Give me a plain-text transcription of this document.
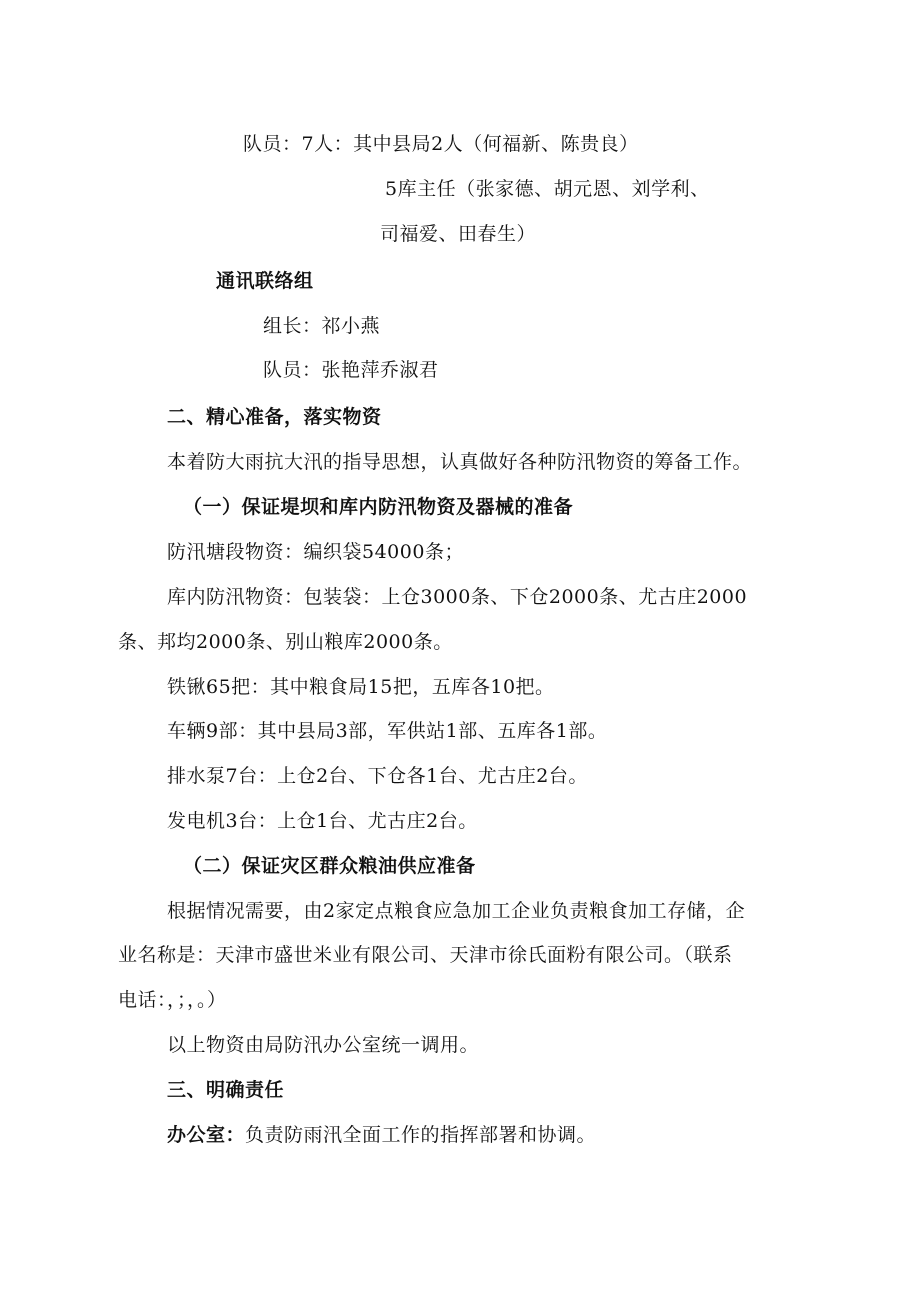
队员：7人：其中县局2人（何福新、陈贵良）
5库主任（张家德、胡元恩、刘学利、
司福爱、田春生）
通讯联络组
组长：祁小燕
队员：张艳萍乔淑君
二、精心准备，落实物资
本着防大雨抗大汛的指导思想，认真做好各种防汛物资的筹备工作。
（一）保证堤坝和库内防汛物资及器械的准备
防汛塘段物资：编织袋54000条；
库内防汛物资：包装袋：上仓3000条、下仓2000条、尤古庄2000
条、邦均2000条、别山粮库2000条。
铁锹65把：其中粮食局15把，五库各10把。
车辆9部：其中县局3部，军供站1部、五库各1部。
排水泵7台：上仓2台、下仓各1台、尤古庄2台。
发电机3台：上仓1台、尤古庄2台。
（二）保证灾区群众粮油供应准备
根据情况需要，由2家定点粮食应急加工企业负责粮食加工存储，企
业名称是：天津市盛世米业有限公司、天津市徐氏面粉有限公司。（联系
电话：，；，。）
以上物资由局防汛办公室统一调用。
三、明确责任
办公室：负责防雨汛全面工作的指挥部署和协调。
